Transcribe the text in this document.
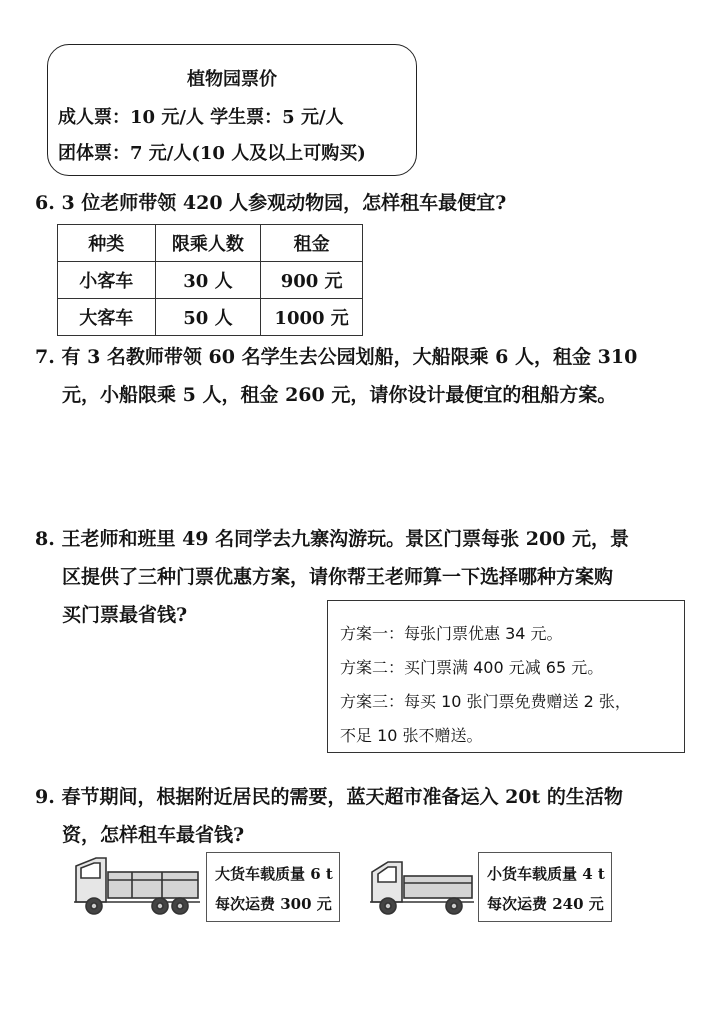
植物园票价
成人票：10 元/人 学生票：5 元/人
团体票：7 元/人(10 人及以上可购买)
6. 3 位老师带领 420 人参观动物园，怎样租车最便宜?
种类	限乘人数	租金
小客车	30 人	900 元
大客车	50 人	1000 元
7. 有 3 名教师带领 60 名学生去公园划船，大船限乘 6 人，租金 310
元，小船限乘 5 人，租金 260 元，请你设计最便宜的租船方案。
8. 王老师和班里 49 名同学去九寨沟游玩。景区门票每张 200 元，景
区提供了三种门票优惠方案，请你帮王老师算一下选择哪种方案购
买门票最省钱?
方案一：每张门票优惠 34 元。
方案二：买门票满 400 元减 65 元。
方案三：每买 10 张门票免费赠送 2 张，
不足 10 张不赠送。
9. 春节期间，根据附近居民的需要，蓝天超市准备运入 20t 的生活物
资，怎样租车最省钱?
大货车载质量 6 t
每次运费 300 元
小货车载质量 4 t
每次运费 240 元
